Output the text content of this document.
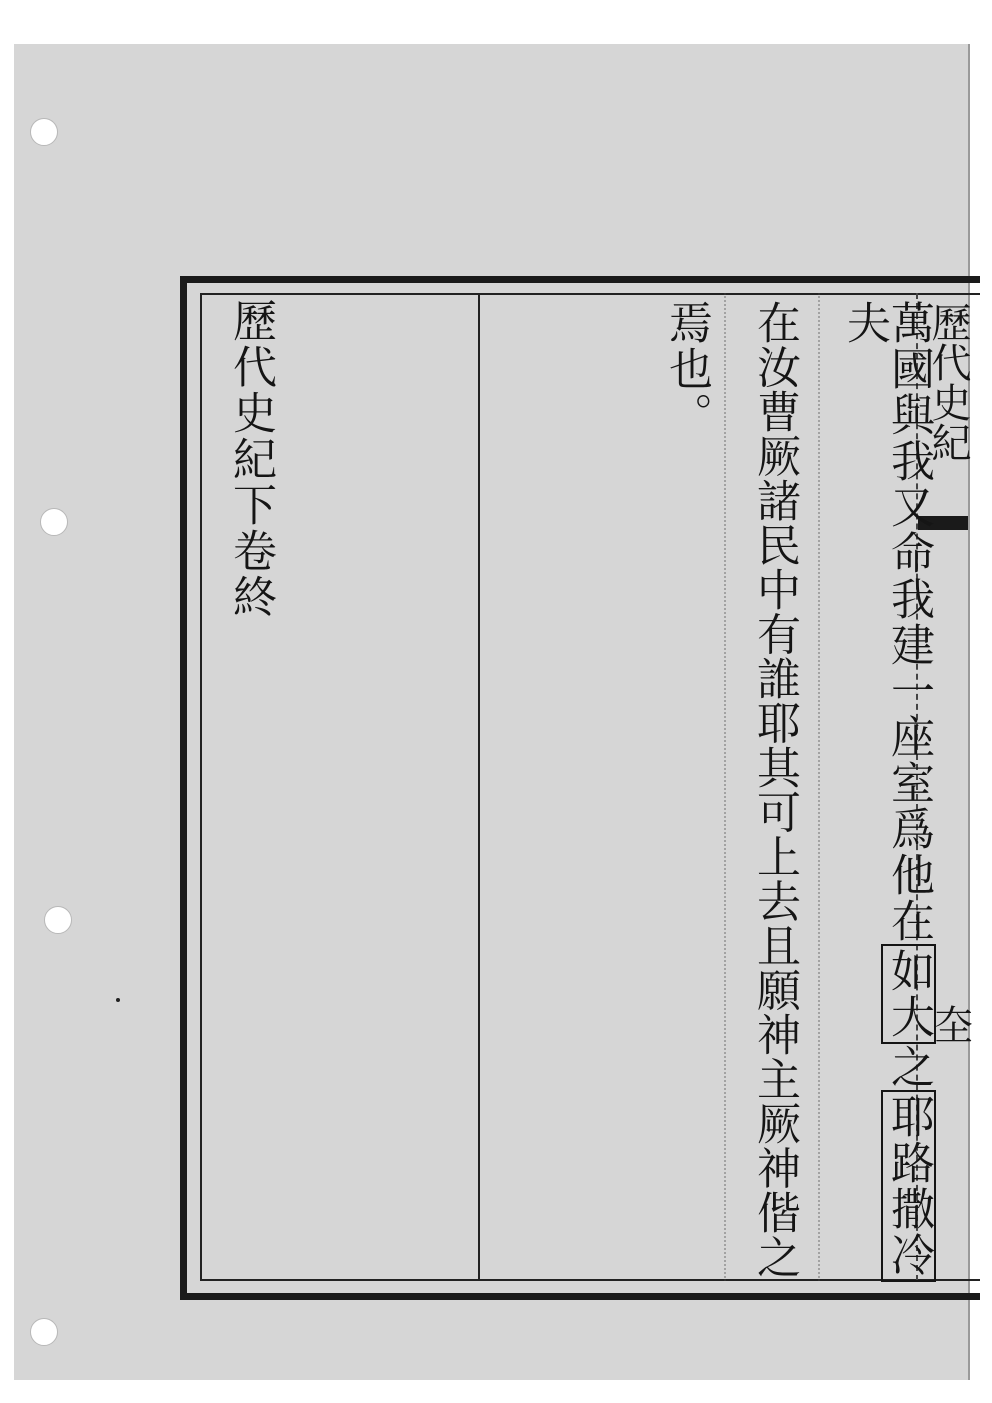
歷代史紀
圶
萬國與我又命我建一座室爲他在如大之耶路撒冷夫
在汝曹厥諸民中有誰耶其可上去且願神主厥神偕之
焉也。
歷代史紀下卷終
